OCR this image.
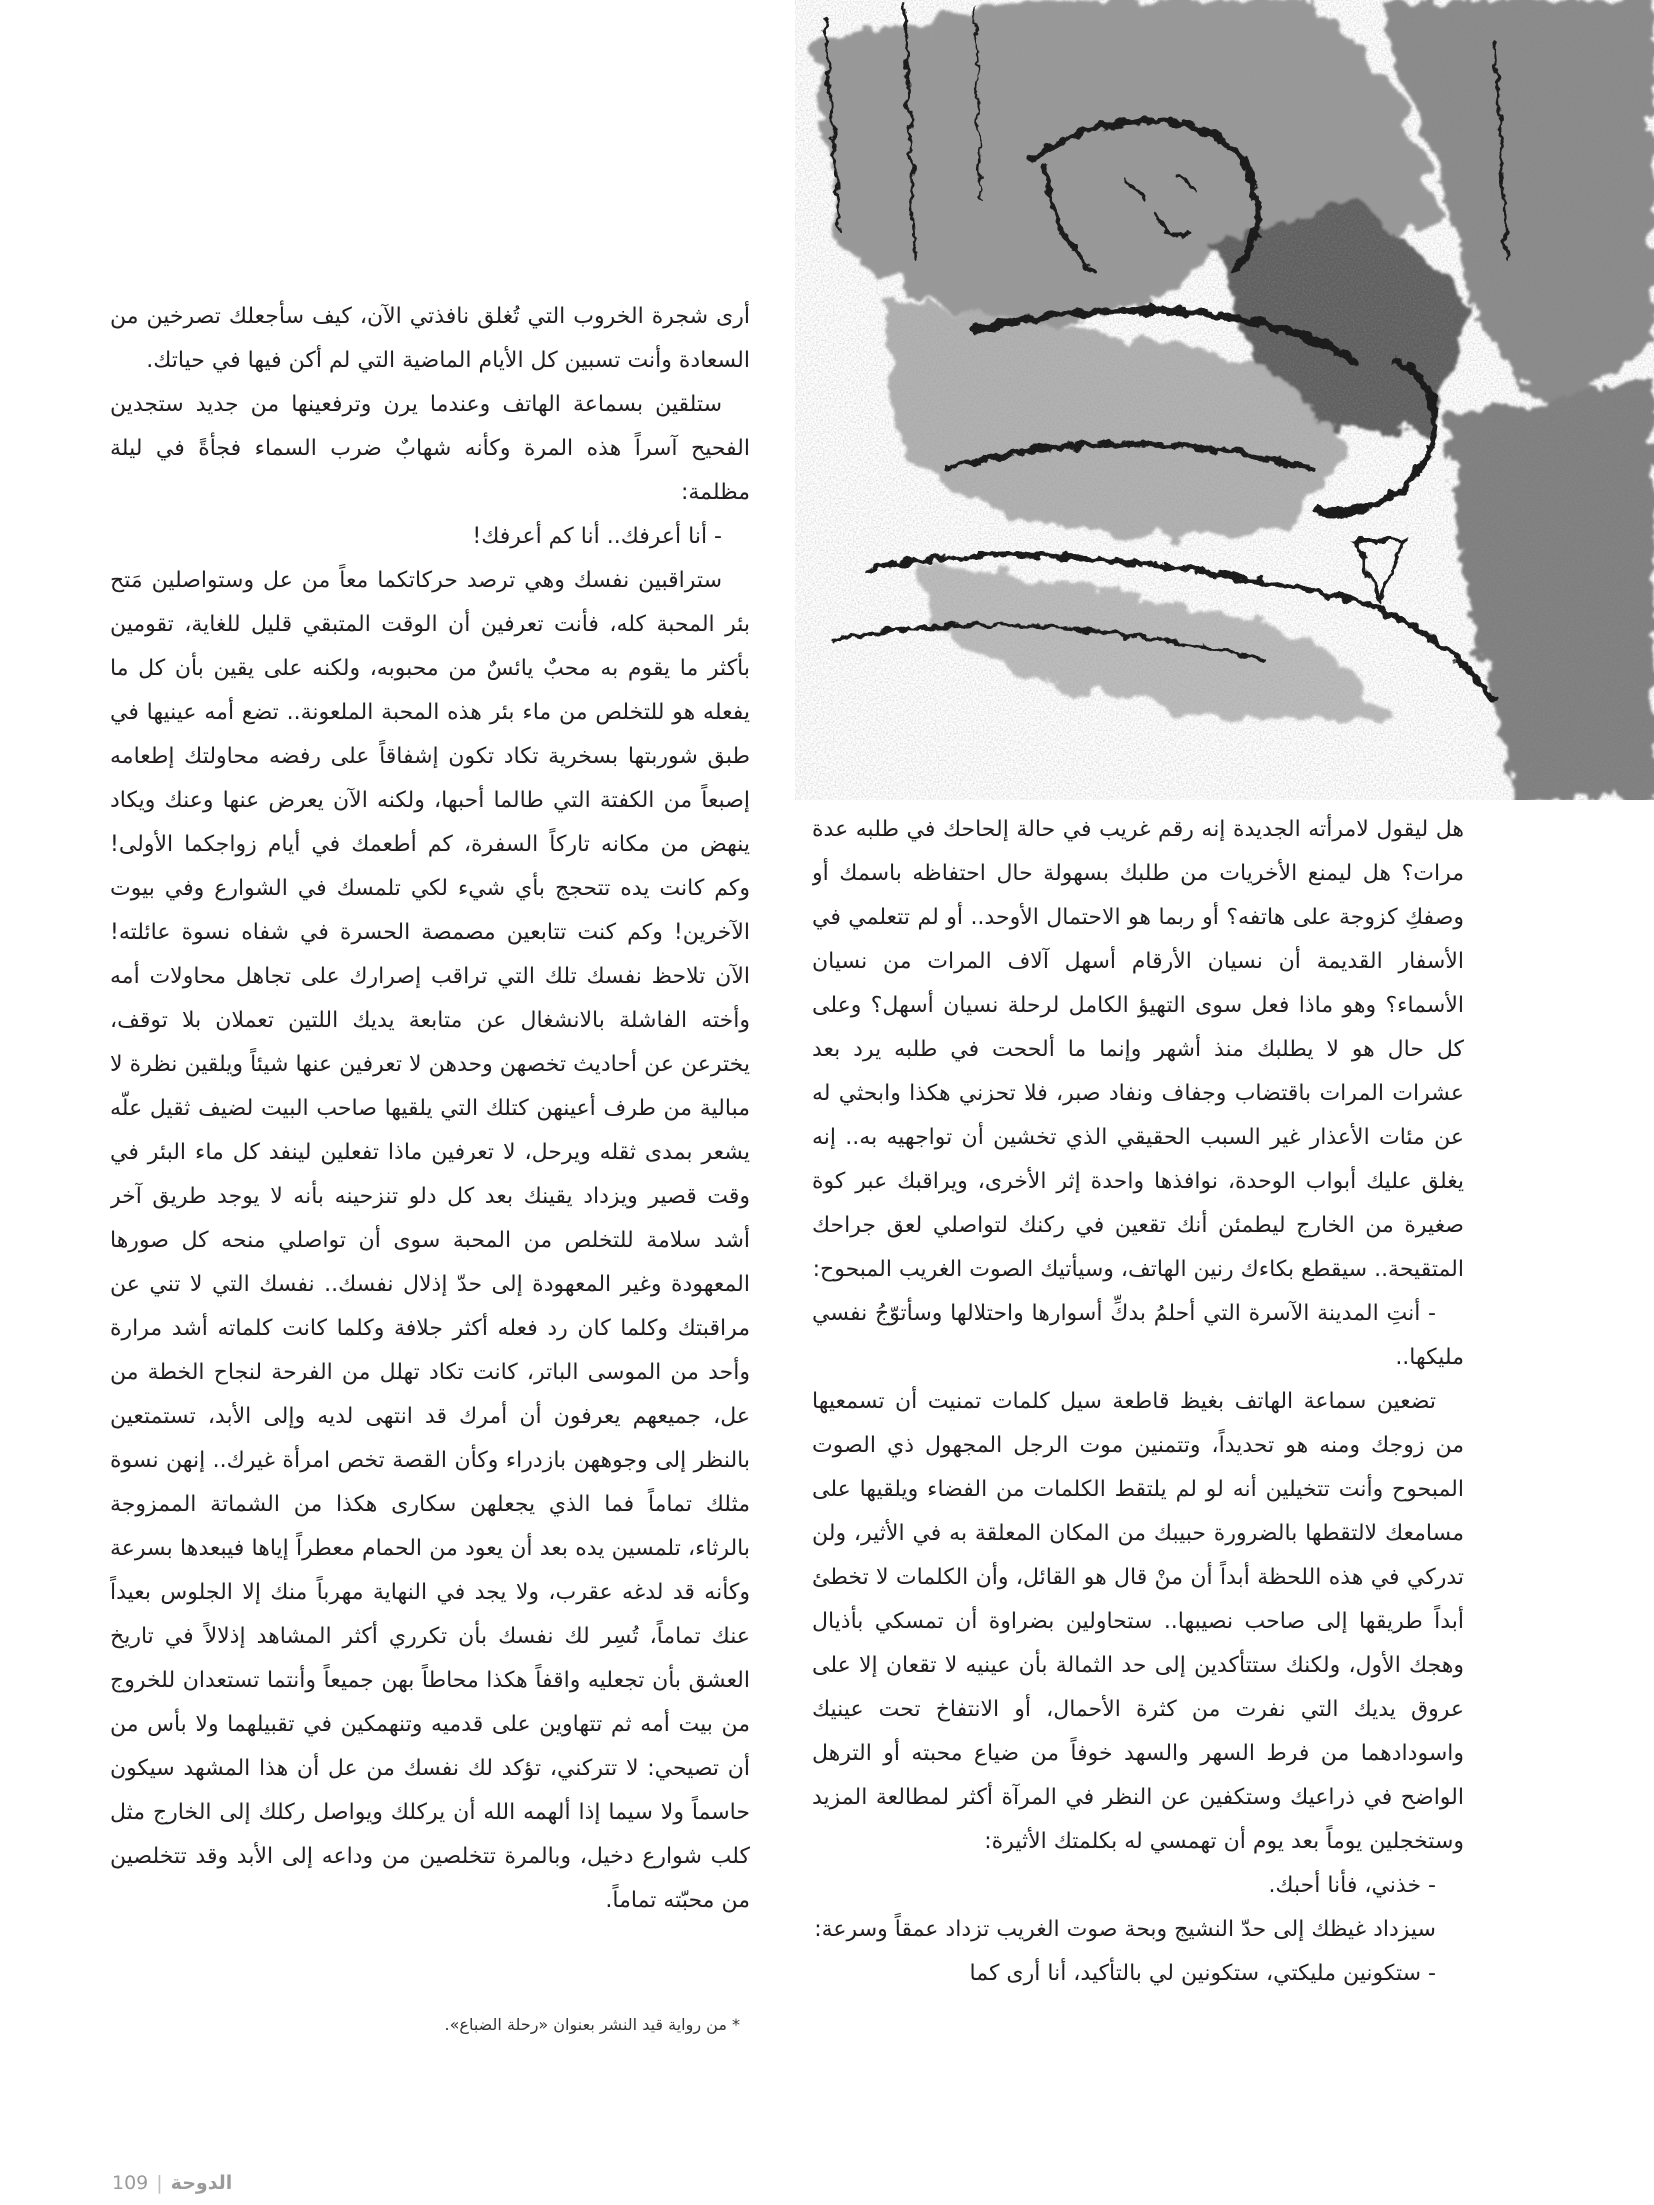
أرى شجرة الخروب التي تُغلق نافذتي الآن، كيف سأجعلك تصرخين من السعادة وأنت تسبين كل الأيام الماضية التي لم أكن فيها في حياتك.

ستلقين بسماعة الهاتف وعندما يرن وترفعينها من جديد ستجدين الفحيح آسراً هذه المرة وكأنه شهابٌ ضرب السماء فجأةً في ليلة مظلمة:

- أنا أعرفك.. أنا كم أعرفك!

ستراقبين نفسك وهي ترصد حركاتكما معاً من عل وستواصلين مَتح بئر المحبة كله، فأنت تعرفين أن الوقت المتبقي قليل للغاية، تقومين بأكثر ما يقوم به محبٌ يائسٌ من محبوبه، ولكنه على يقين بأن كل ما يفعله هو للتخلص من ماء بئر هذه المحبة الملعونة.. تضع أمه عينيها في طبق شوربتها بسخرية تكاد تكون إشفاقاً على رفضه محاولتك إطعامه إصبعاً من الكفتة التي طالما أحبها، ولكنه الآن يعرض عنها وعنك ويكاد ينهض من مكانه تاركاً السفرة، كم أطعمك في أيام زواجكما الأولى! وكم كانت يده تتحجج بأي شيء لكي تلمسك في الشوارع وفي بيوت الآخرين! وكم كنت تتابعين مصمصة الحسرة في شفاه نسوة عائلته! الآن تلاحظ نفسك تلك التي تراقب إصرارك على تجاهل محاولات أمه وأخته الفاشلة بالانشغال عن متابعة يديك اللتين تعملان بلا توقف، يخترعن عن أحاديث تخصهن وحدهن لا تعرفين عنها شيئاً ويلقين نظرة لا مبالية من طرف أعينهن كتلك التي يلقيها صاحب البيت لضيف ثقيل علّه يشعر بمدى ثقله ويرحل، لا تعرفين ماذا تفعلين لينفد كل ماء البئر في وقت قصير ويزداد يقينك بعد كل دلو تنزحينه بأنه لا يوجد طريق آخر أشد سلامة للتخلص من المحبة سوى أن تواصلي منحه كل صورها المعهودة وغير المعهودة إلى حدّ إذلال نفسك.. نفسك التي لا تني عن مراقبتك وكلما كان رد فعله أكثر جلافة وكلما كانت كلماته أشد مرارة وأحد من الموسى الباتر، كانت تكاد تهلل من الفرحة لنجاح الخطة من عل، جميعهم يعرفون أن أمرك قد انتهى لديه وإلى الأبد، تستمتعين بالنظر إلى وجوههن بازدراء وكأن القصة تخص امرأة غيرك.. إنهن نسوة مثلك تماماً فما الذي يجعلهن سكارى هكذا من الشماتة الممزوجة بالرثاء، تلمسين يده بعد أن يعود من الحمام معطراً إياها فيبعدها بسرعة وكأنه قد لدغه عقرب، ولا يجد في النهاية مهرباً منك إلا الجلوس بعيداً عنك تماماً، تُسِر لك نفسك بأن تكرري أكثر المشاهد إذلالاً في تاريخ العشق بأن تجعليه واقفاً هكذا محاطاً بهن جميعاً وأنتما تستعدان للخروج من بيت أمه ثم تتهاوين على قدميه وتنهمكين في تقبيلهما ولا بأس من أن تصيحي: لا تتركني، تؤكد لك نفسك من عل أن هذا المشهد سيكون حاسماً ولا سيما إذا ألهمه الله أن يركلك ويواصل ركلك إلى الخارج مثل كلب شوارع دخيل، وبالمرة تتخلصين من وداعه إلى الأبد وقد تتخلصين من محبّته تماماً.

هل ليقول لامرأته الجديدة إنه رقم غريب في حالة إلحاحك في طلبه عدة مرات؟ هل ليمنع الأخريات من طلبك بسهولة حال احتفاظه باسمك أو وصفكِ كزوجة على هاتفه؟ أو ربما هو الاحتمال الأوحد.. أو لم تتعلمي في الأسفار القديمة أن نسيان الأرقام أسهل آلاف المرات من نسيان الأسماء؟ وهو ماذا فعل سوى التهيؤ الكامل لرحلة نسيان أسهل؟ وعلى كل حال هو لا يطلبك منذ أشهر وإنما ما ألححت في طلبه يرد بعد عشرات المرات باقتضاب وجفاف ونفاد صبر، فلا تحزني هكذا وابحثي له عن مئات الأعذار غير السبب الحقيقي الذي تخشين أن تواجهيه به.. إنه يغلق عليك أبواب الوحدة، نوافذها واحدة إثر الأخرى، ويراقبك عبر كوة صغيرة من الخارج ليطمئن أنك تقعين في ركنك لتواصلي لعق جراحك المتقيحة.. سيقطع بكاءك رنين الهاتف، وسيأتيك الصوت الغريب المبحوح:

- أنتِ المدينة الآسرة التي أحلمُ بدكِّ أسوارها واحتلالها وسأتوّجُ نفسي مليكها..

تضعين سماعة الهاتف بغيظ قاطعة سيل كلمات تمنيت أن تسمعيها من زوجك ومنه هو تحديداً، وتتمنين موت الرجل المجهول ذي الصوت المبحوح وأنت تتخيلين أنه لو لم يلتقط الكلمات من الفضاء ويلقيها على مسامعك لالتقطها بالضرورة حبيبك من المكان المعلقة به في الأثير، ولن تدركي في هذه اللحظة أبداً أن منْ قال هو القائل، وأن الكلمات لا تخطئ أبداً طريقها إلى صاحب نصيبها.. ستحاولين بضراوة أن تمسكي بأذيال وهجك الأول، ولكنك ستتأكدين إلى حد الثمالة بأن عينيه لا تقعان إلا على عروق يديك التي نفرت من كثرة الأحمال، أو الانتفاخ تحت عينيك واسودادهما من فرط السهر والسهد خوفاً من ضياع محبته أو الترهل الواضح في ذراعيك وستكفين عن النظر في المرآة أكثر لمطالعة المزيد وستخجلين يوماً بعد يوم أن تهمسي له بكلمتك الأثيرة:

- خذني، فأنا أحبك.

سيزداد غيظك إلى حدّ النشيج وبحة صوت الغريب تزداد عمقاً وسرعة:

- ستكونين مليكتي، ستكونين لي بالتأكيد، أنا أرى كما

* من رواية قيد النشر بعنوان «رحلة الضباع».
109 | الدوحة
